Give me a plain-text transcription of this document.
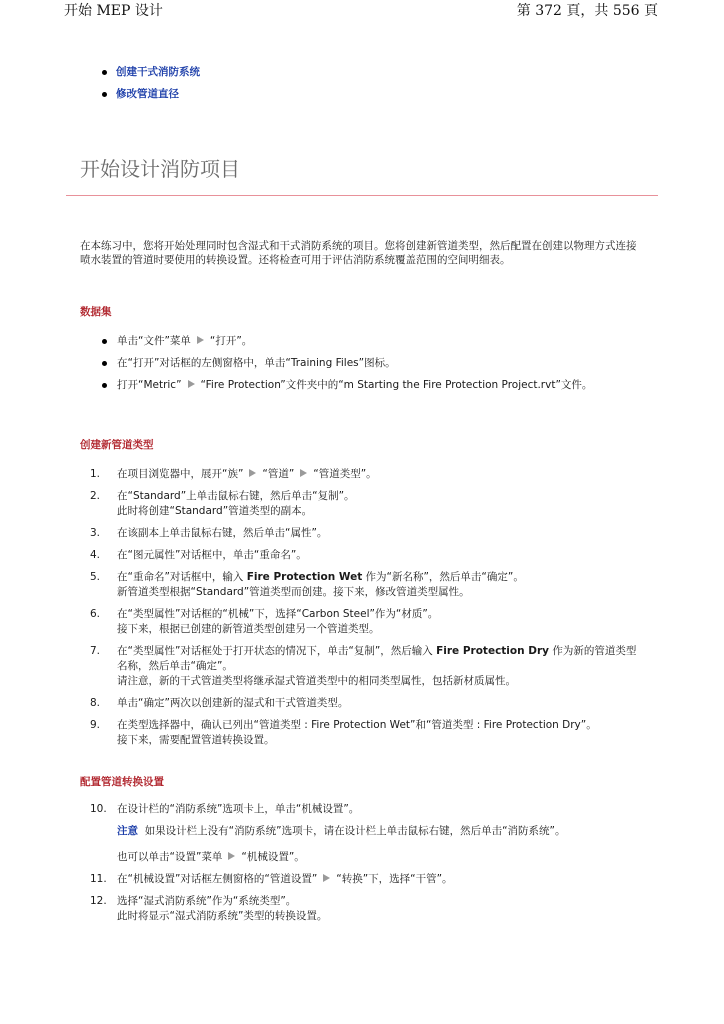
开始 MEP 设计	第 372 頁，共 556 頁
创建干式消防系统
修改管道直径
开始设计消防项目

在本练习中，您将开始处理同时包含湿式和干式消防系统的项目。您将创建新管道类型，然后配置在创建以物理方式连接喷水装置的管道时要使用的转换设置。还将检查可用于评估消防系统覆盖范围的空间明细表。

数据集
单击“文件”菜单 “打开”。
在“打开”对话框的左侧窗格中，单击“Training Files”图标。
打开“Metric” “Fire Protection”文件夹中的“m Starting the Fire Protection Project.rvt”文件。
创建新管道类型
1.	在项目浏览器中，展开“族” “管道” “管道类型”。
2.	在“Standard”上单击鼠标右键，然后单击“复制”。
此时将创建“Standard”管道类型的副本。
3.	在该副本上单击鼠标右键，然后单击“属性”。
4.	在“图元属性”对话框中，单击“重命名”。
5.	在“重命名”对话框中，输入 Fire Protection Wet 作为“新名称”，然后单击“确定”。
新管道类型根据“Standard”管道类型而创建。接下来，修改管道类型属性。
6.	在“类型属性”对话框的“机械”下，选择“Carbon Steel”作为“材质”。
接下来，根据已创建的新管道类型创建另一个管道类型。
7.	在“类型属性”对话框处于打开状态的情况下，单击“复制”，然后输入 Fire Protection Dry 作为新的管道类型名称，然后单击“确定”。
请注意，新的干式管道类型将继承湿式管道类型中的相同类型属性，包括新材质属性。
8.	单击“确定”两次以创建新的湿式和干式管道类型。
9.	在类型选择器中，确认已列出“管道类型 : Fire Protection Wet”和“管道类型 : Fire Protection Dry”。
接下来，需要配置管道转换设置。
配置管道转换设置
10. 在设计栏的“消防系统”选项卡上，单击“机械设置”。
注意 如果设计栏上没有“消防系统”选项卡，请在设计栏上单击鼠标右键，然后单击“消防系统”。
也可以单击“设置”菜单 “机械设置”。
11. 在“机械设置”对话框左侧窗格的“管道设置” “转换”下，选择“干管”。
12. 选择“湿式消防系统”作为“系统类型”。
此时将显示“湿式消防系统”类型的转换设置。
